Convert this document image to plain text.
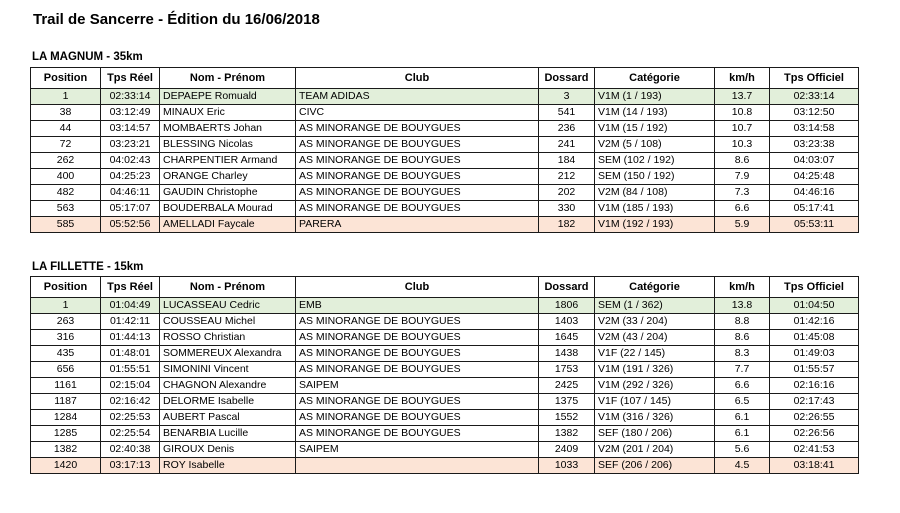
Trail de Sancerre - Édition du 16/06/2018
LA MAGNUM - 35km
Position	Tps Réel	Nom - Prénom	Club	Dossard	Catégorie	km/h	Tps Officiel
1	02:33:14	DEPAEPE Romuald	TEAM ADIDAS	3	V1M (1 / 193)	13.7	02:33:14
38	03:12:49	MINAUX Eric	CIVC	541	V1M (14 / 193)	10.8	03:12:50
44	03:14:57	MOMBAERTS Johan	AS MINORANGE DE BOUYGUES	236	V1M (15 / 192)	10.7	03:14:58
72	03:23:21	BLESSING Nicolas	AS MINORANGE DE BOUYGUES	241	V2M (5 / 108)	10.3	03:23:38
262	04:02:43	CHARPENTIER Armand	AS MINORANGE DE BOUYGUES	184	SEM (102 / 192)	8.6	04:03:07
400	04:25:23	ORANGE Charley	AS MINORANGE DE BOUYGUES	212	SEM (150 / 192)	7.9	04:25:48
482	04:46:11	GAUDIN Christophe	AS MINORANGE DE BOUYGUES	202	V2M (84 / 108)	7.3	04:46:16
563	05:17:07	BOUDERBALA Mourad	AS MINORANGE DE BOUYGUES	330	V1M (185 / 193)	6.6	05:17:41
585	05:52:56	AMELLADI Faycale	PARERA	182	V1M (192 / 193)	5.9	05:53:11
LA FILLETTE - 15km
Position	Tps Réel	Nom - Prénom	Club	Dossard	Catégorie	km/h	Tps Officiel
1	01:04:49	LUCASSEAU Cedric	EMB	1806	SEM (1 / 362)	13.8	01:04:50
263	01:42:11	COUSSEAU Michel	AS MINORANGE DE BOUYGUES	1403	V2M (33 / 204)	8.8	01:42:16
316	01:44:13	ROSSO Christian	AS MINORANGE DE BOUYGUES	1645	V2M (43 / 204)	8.6	01:45:08
435	01:48:01	SOMMEREUX Alexandra	AS MINORANGE DE BOUYGUES	1438	V1F (22 / 145)	8.3	01:49:03
656	01:55:51	SIMONINI Vincent	AS MINORANGE DE BOUYGUES	1753	V1M (191 / 326)	7.7	01:55:57
1161	02:15:04	CHAGNON Alexandre	SAIPEM	2425	V1M (292 / 326)	6.6	02:16:16
1187	02:16:42	DELORME Isabelle	AS MINORANGE DE BOUYGUES	1375	V1F (107 / 145)	6.5	02:17:43
1284	02:25:53	AUBERT Pascal	AS MINORANGE DE BOUYGUES	1552	V1M (316 / 326)	6.1	02:26:55
1285	02:25:54	BENARBIA Lucille	AS MINORANGE DE BOUYGUES	1382	SEF (180 / 206)	6.1	02:26:56
1382	02:40:38	GIROUX Denis	SAIPEM	2409	V2M (201 / 204)	5.6	02:41:53
1420	03:17:13	ROY Isabelle		1033	SEF (206 / 206)	4.5	03:18:41
